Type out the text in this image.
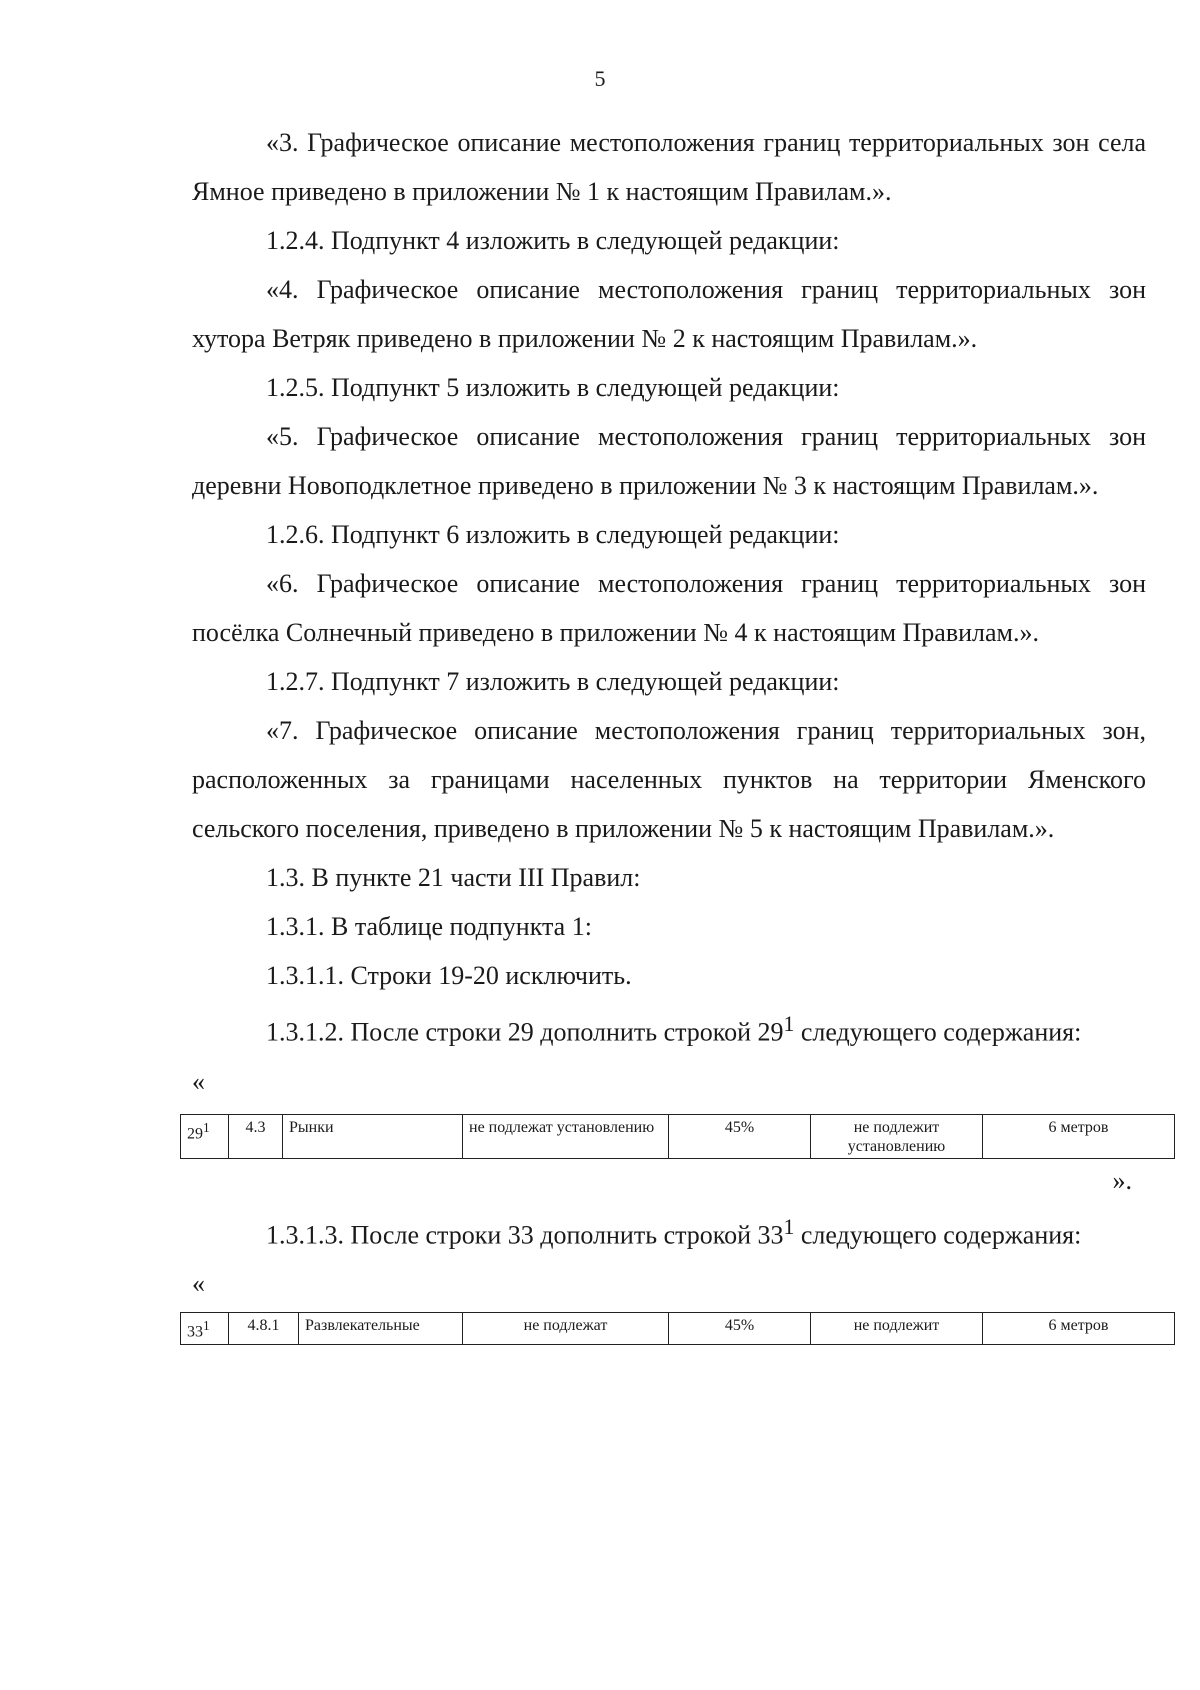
5

«3. Графическое описание местоположения границ территориальных зон села Ямное приведено в приложении № 1 к настоящим Правилам.».

1.2.4. Подпункт 4 изложить в следующей редакции:

«4. Графическое описание местоположения границ территориальных зон хутора Ветряк приведено в приложении № 2 к настоящим Правилам.».

1.2.5. Подпункт 5 изложить в следующей редакции:

«5. Графическое описание местоположения границ территориальных зон деревни Новоподклетное приведено в приложении № 3 к настоящим Правилам.».

1.2.6. Подпункт 6 изложить в следующей редакции:

«6. Графическое описание местоположения границ территориальных зон посёлка Солнечный приведено в приложении № 4 к настоящим Правилам.».

1.2.7. Подпункт 7 изложить в следующей редакции:

«7. Графическое описание местоположения границ территориальных зон, расположенных за границами населенных пунктов на территории Яменского сельского поселения, приведено в приложении № 5 к настоящим Правилам.».

1.3. В пункте 21 части III Правил:

1.3.1. В таблице подпункта 1:

1.3.1.1. Строки 19-20 исключить.

1.3.1.2. После строки 29 дополнить строкой $29^1$ следующего содержания:

«

$29^1$	4.3	Рынки	не подлежат установлению	45%	не подлежит установлению	6 метров

».

1.3.1.3. После строки 33 дополнить строкой $33^1$ следующего содержания:

«

$33^1$	4.8.1	Развлекательные	не подлежат	45%	не подлежит	6 метров
